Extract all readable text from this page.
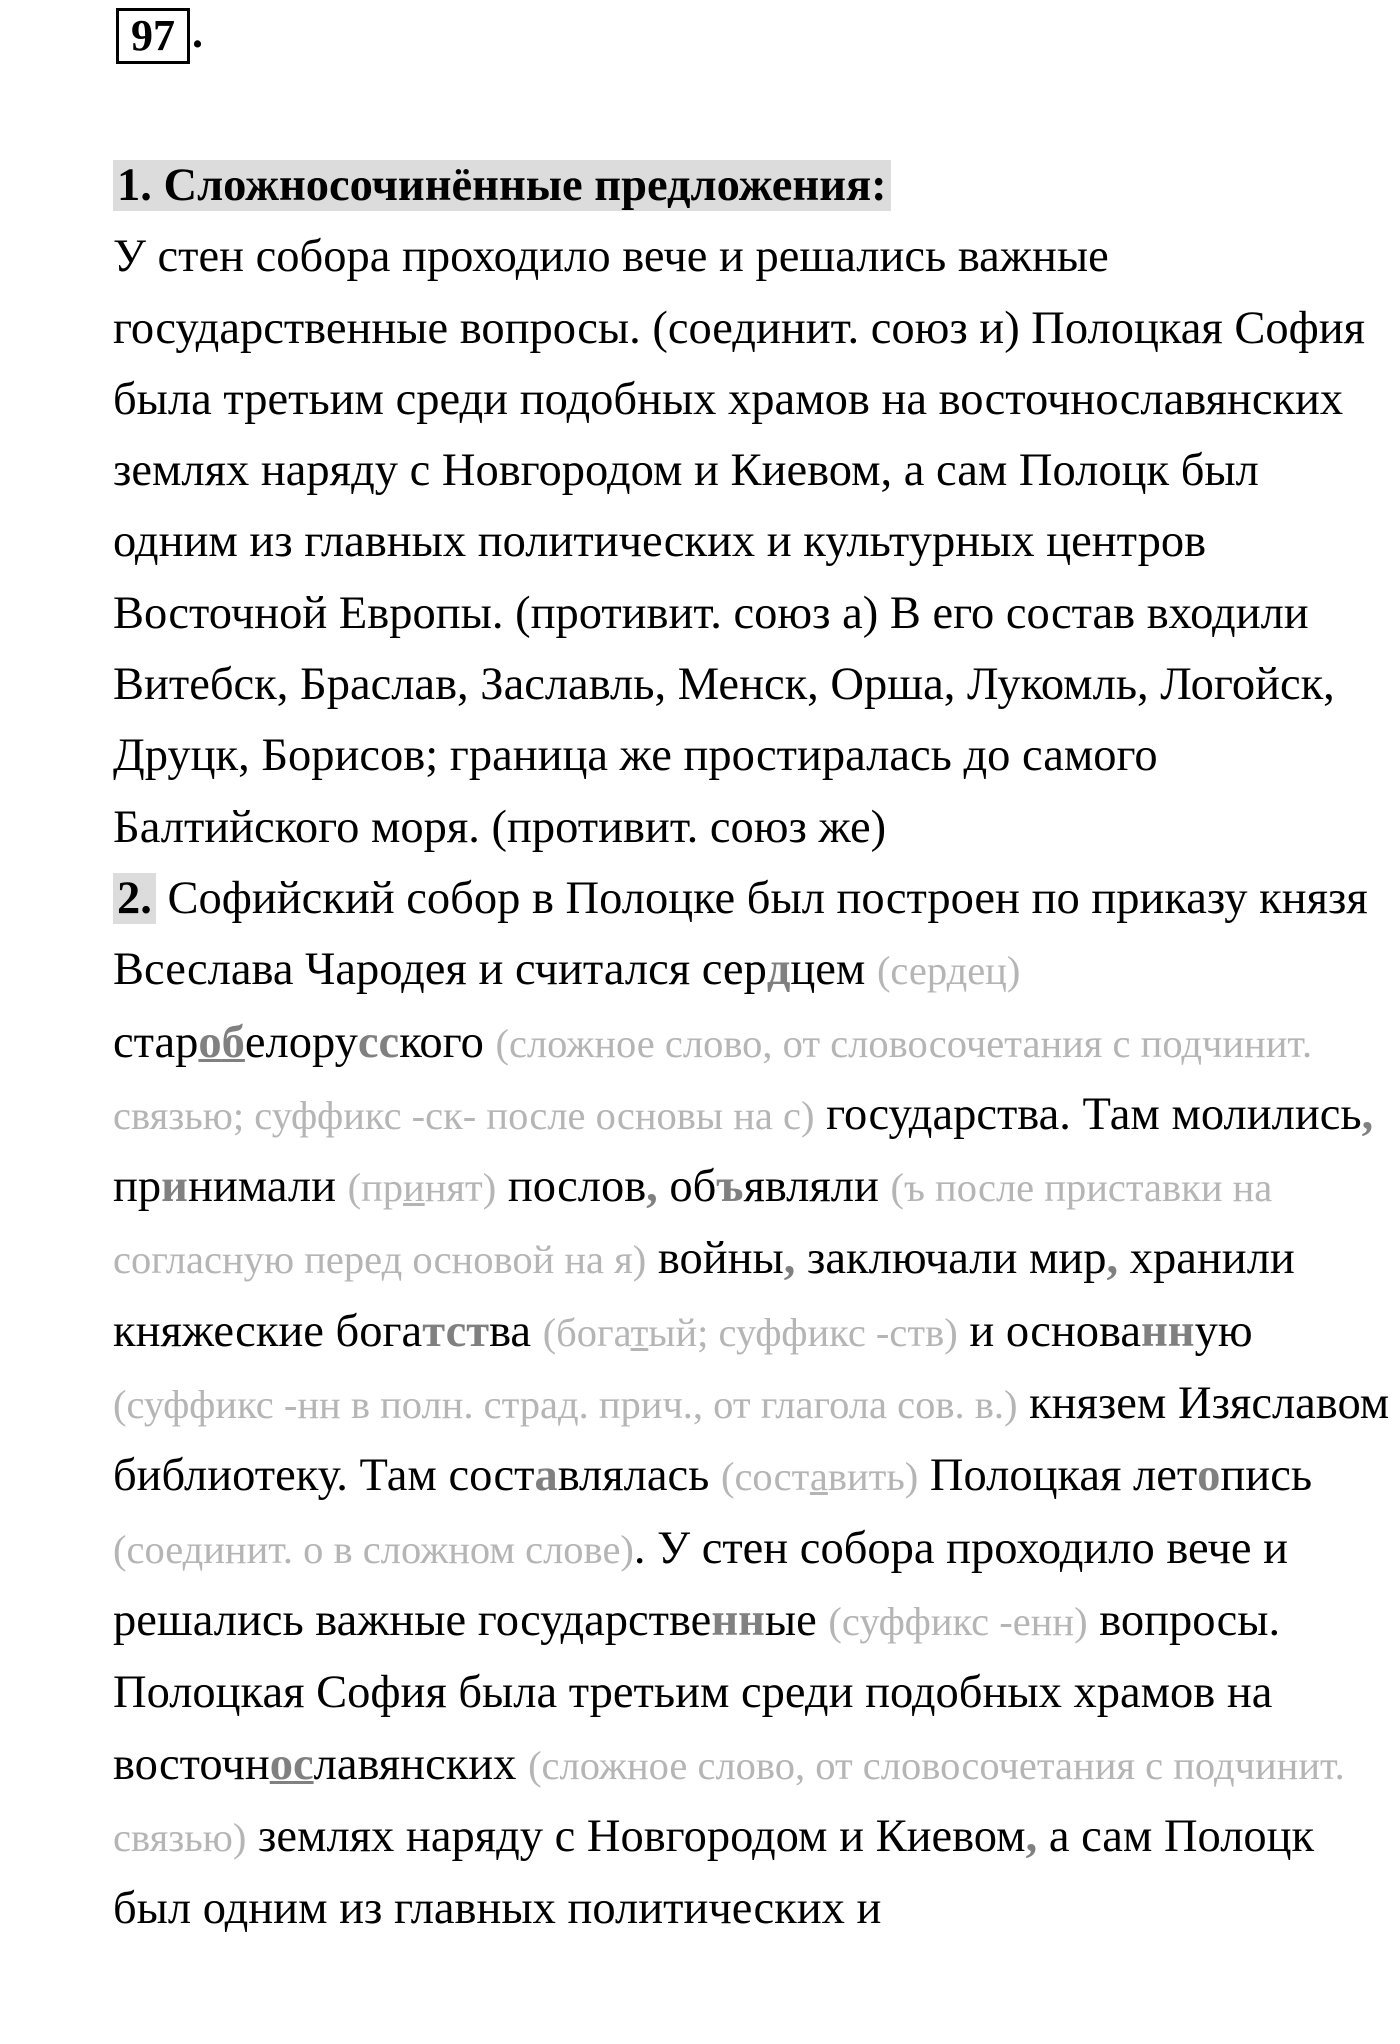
97 .

1. Сложносочинённые предложения:

У стен собора проходило вече и решались важные государственные вопросы. (соединит. союз и) Полоцкая София была третьим среди подобных храмов на восточнославянских землях наряду с Новгородом и Киевом, а сам Полоцк был одним из главных политических и культурных центров Восточной Европы. (противит. союз а) В его состав входили Витебск, Браслав, Заславль, Менск, Орша, Лукомль, Логойск, Друцк, Борисов; граница же простиралась до самого Балтийского моря. (противит. союз же)

2. Софийский собор в Полоцке был построен по приказу князя Всеслава Чародея и считался сердцем (сердец) старобелорусского (сложное слово, от словосочетания с подчинит. связью; суффикс -ск- после основы на с) государства. Там молились, принимали (принят) послов, объявляли (ъ после приставки на согласную перед основой на я) войны, заключали мир, хранили княжеские богатства (богатый; суффикс -ств) и основанную (суффикс -нн в полн. страд. прич., от глагола сов. в.) князем Изяславом библиотеку. Там составлялась (составить) Полоцкая летопись (соединит. о в сложном слове). У стен собора проходило вече и решались важные государственные (суффикс -енн) вопросы.

Полоцкая София была третьим среди подобных храмов на восточнославянских (сложное слово, от словосочетания с подчинит. связью) землях наряду с Новгородом и Киевом, а сам Полоцк был одним из главных политических и
